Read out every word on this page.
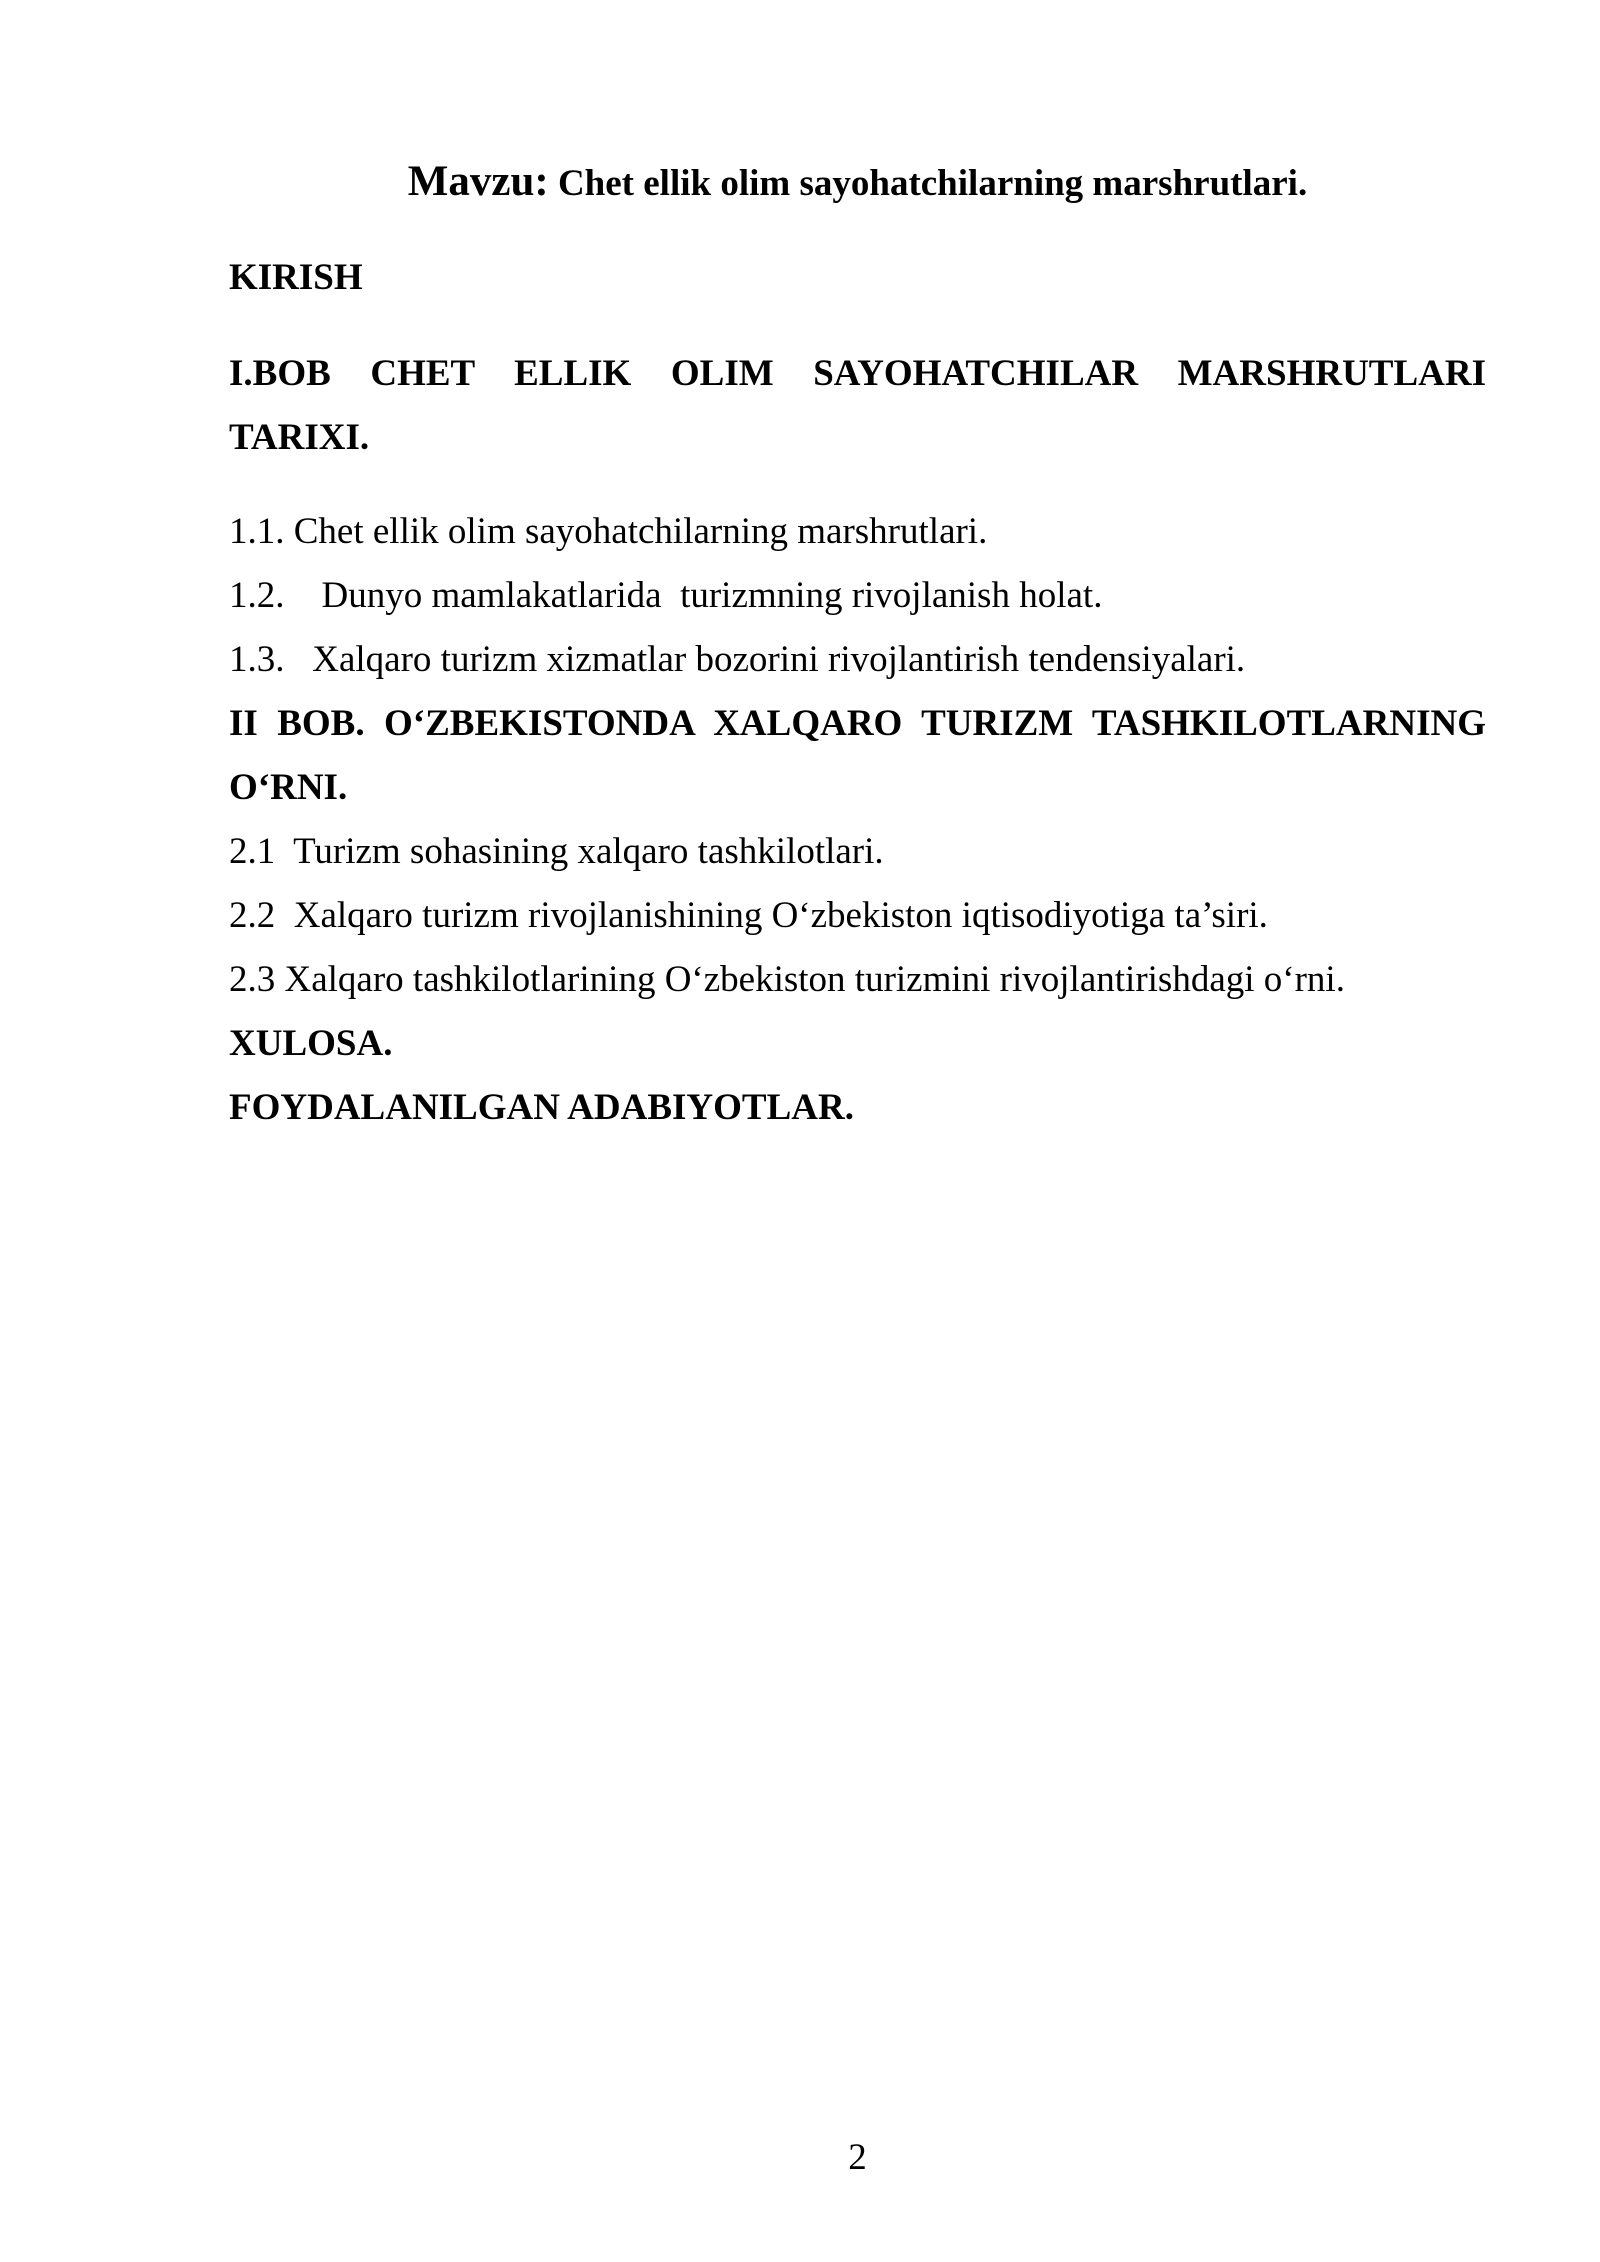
Mavzu: Chet ellik olim sayohatchilarning marshrutlari.
KIRISH
I.BOB CHET ELLIK OLIM SAYOHATCHILAR MARSHRUTLARI
TARIXI.
1.1. Chet ellik olim sayohatchilarning marshrutlari.
1.2.    Dunyo mamlakatlarida  turizmning rivojlanish holat.
1.3.   Xalqaro turizm xizmatlar bozorini rivojlantirish tendensiyalari.
II BOB. O‘ZBEKISTONDA XALQARO TURIZM TASHKILOTLARNING
O‘RNI.
2.1  Turizm sohasining xalqaro tashkilotlari.
2.2  Xalqaro turizm rivojlanishining O‘zbekiston iqtisodiyotiga ta’siri.
2.3 Xalqaro tashkilotlarining O‘zbekiston turizmini rivojlantirishdagi o‘rni.
XULOSA.
FOYDALANILGAN ADABIYOTLAR.
2
